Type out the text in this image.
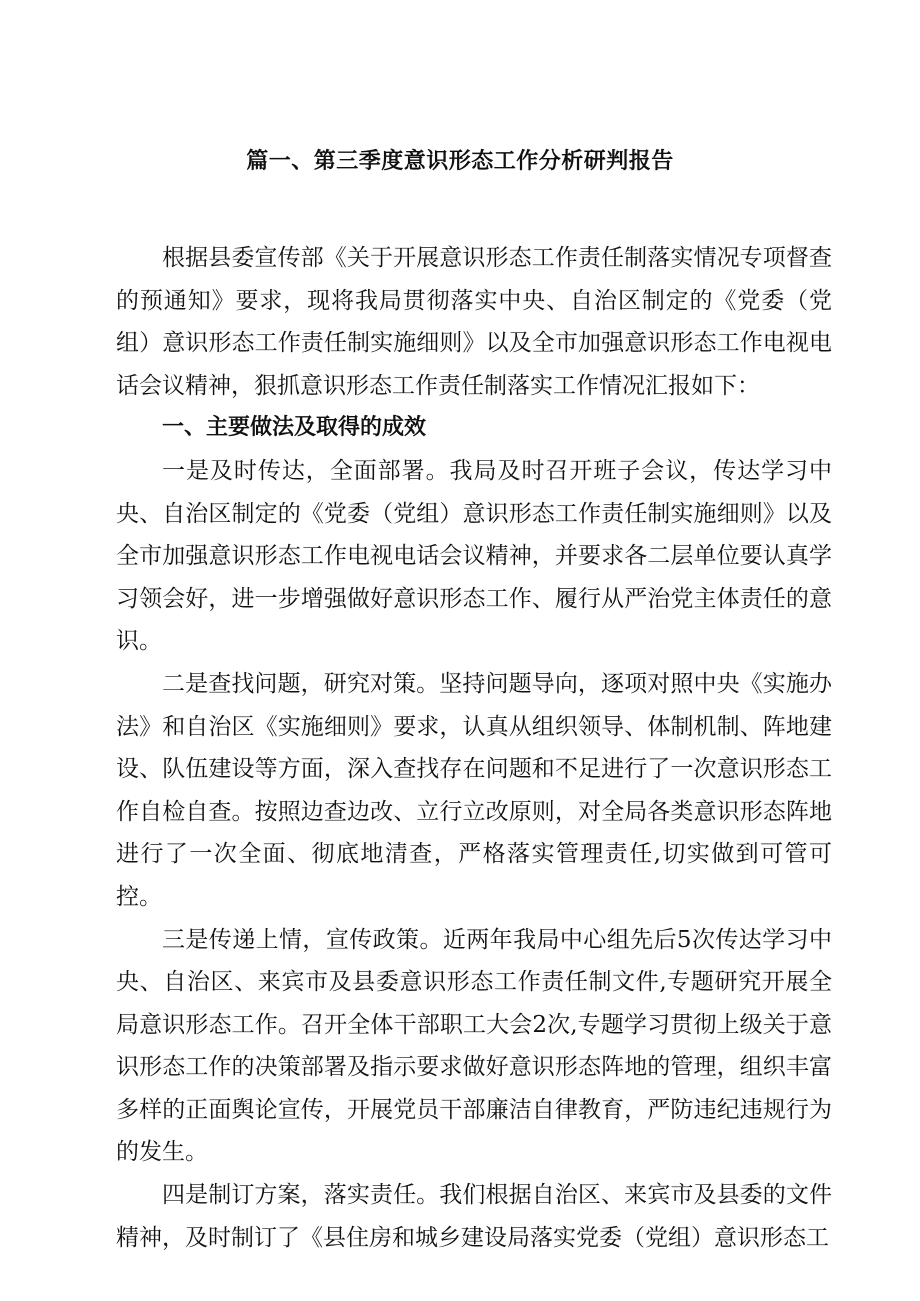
篇一、第三季度意识形态工作分析研判报告

根据县委宣传部《关于开展意识形态工作责任制落实情况专项督查的预通知》要求，现将我局贯彻落实中央、自治区制定的《党委（党组）意识形态工作责任制实施细则》以及全市加强意识形态工作电视电话会议精神，狠抓意识形态工作责任制落实工作情况汇报如下：

一、主要做法及取得的成效

一是及时传达，全面部署。我局及时召开班子会议，传达学习中央、自治区制定的《党委（党组）意识形态工作责任制实施细则》以及全市加强意识形态工作电视电话会议精神，并要求各二层单位要认真学习领会好，进一步增强做好意识形态工作、履行从严治党主体责任的意识。

二是查找问题，研究对策。坚持问题导向，逐项对照中央《实施办法》和自治区《实施细则》要求，认真从组织领导、体制机制、阵地建设、队伍建设等方面，深入查找存在问题和不足进行了一次意识形态工作自检自查。按照边查边改、立行立改原则，对全局各类意识形态阵地进行了一次全面、彻底地清查，严格落实管理责任,切实做到可管可控。

三是传递上情，宣传政策。近两年我局中心组先后5次传达学习中央、自治区、来宾市及县委意识形态工作责任制文件,专题研究开展全局意识形态工作。召开全体干部职工大会2次,专题学习贯彻上级关于意识形态工作的决策部署及指示要求做好意识形态阵地的管理，组织丰富多样的正面舆论宣传，开展党员干部廉洁自律教育，严防违纪违规行为的发生。

四是制订方案，落实责任。我们根据自治区、来宾市及县委的文件精神，及时制订了《县住房和城乡建设局落实党委（党组）意识形态工
